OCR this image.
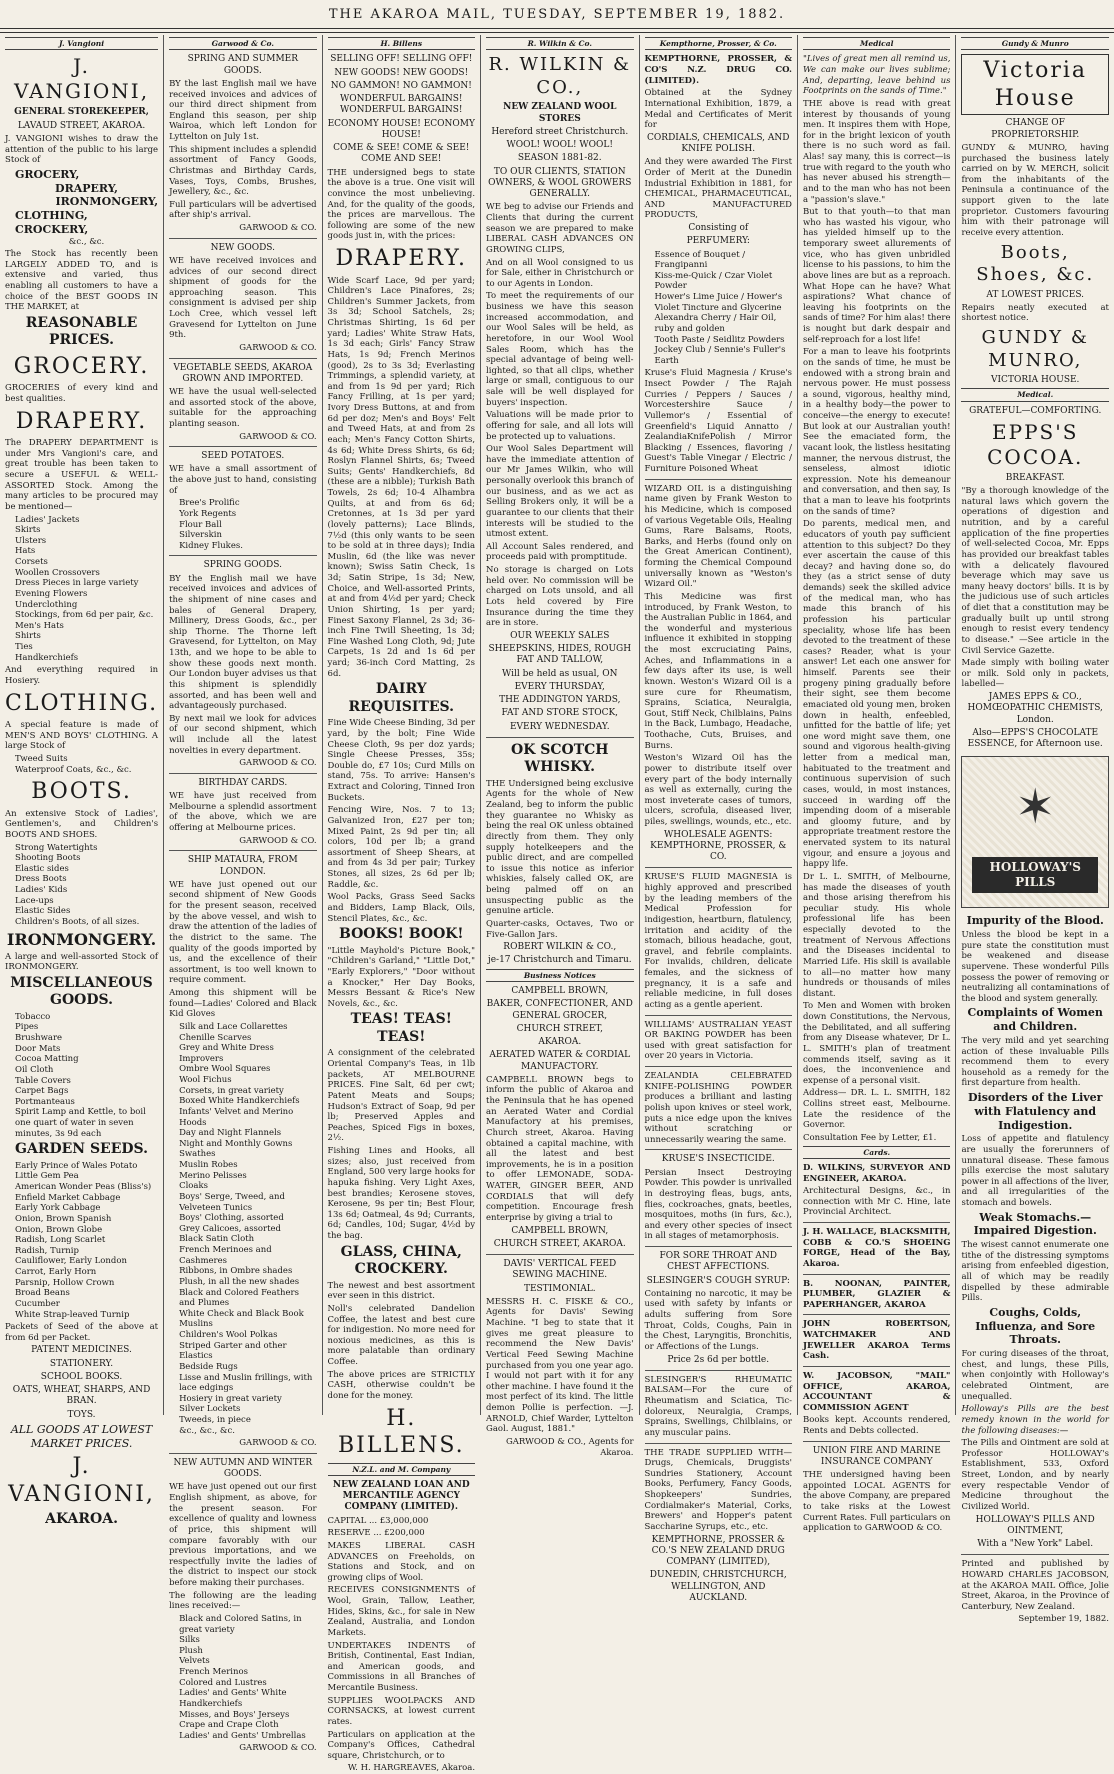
THE AKAROA MAIL, TUESDAY, SEPTEMBER 19, 1882.
J. Vangioni
J. VANGIONI,
GENERAL STOREKEEPER,
LAVAUD STREET, AKAROA.
J. VANGIONI wishes to draw the attention of the public to his large Stock of
GROCERY,
DRAPERY,
IRONMONGERY,
CLOTHING, CROCKERY,
&c., &c.
The Stock has recently been LARGELY ADDED TO, and is extensive and varied, thus enabling all customers to have a choice of the BEST GOODS IN THE MARKET, at
REASONABLE PRICES.
GROCERY.
GROCERIES of every kind and best qualities.
DRAPERY.
The DRAPERY DEPARTMENT is under Mrs Vangioni's care, and great trouble has been taken to secure a USEFUL & WELL-ASSORTED Stock. Among the many articles to be procured may be mentioned—
Ladies' Jackets
Skirts
Ulsters
Hats
Corsets
Woollen Crossovers
Dress Pieces in large variety
Evening Flowers
Underclothing
Stockings, from 6d per pair, &c.
Men's Hats
Shirts
Ties
Handkerchiefs
And everything required in Hosiery.
CLOTHING.
A special feature is made of MEN'S AND BOYS' CLOTHING. A large Stock of
Tweed Suits
Waterproof Coats, &c., &c.
BOOTS.
An extensive Stock of Ladies', Gentlemen's, and Children's BOOTS AND SHOES.
Strong Watertights
Shooting Boots
Elastic sides
Dress Boots
Ladies' Kids
Lace-ups
Elastic Sides
Children's Boots, of all sizes.
IRONMONGERY.
A large and well-assorted Stock of IRONMONGERY.
MISCELLANEOUS GOODS.
Tobacco
Pipes
Brushware
Door Mats
Cocoa Matting
Oil Cloth
Table Covers
Carpet Bags
Portmanteaus
Spirit Lamp and Kettle, to boil one quart of water in seven minutes, 3s 9d each
GARDEN SEEDS.
Early Prince of Wales Potato
Little Gem Pea
American Wonder Peas (Bliss's)
Enfield Market Cabbage
Early York Cabbage
Onion, Brown Spanish
Onion, Brown Globe
Radish, Long Scarlet
Radish, Turnip
Cauliflower, Early London
Carrot, Early Horn
Parsnip, Hollow Crown
Broad Beans
Cucumber
White Strap-leaved Turnip
Packets of Seed of the above at from 6d per Packet.
PATENT MEDICINES.
STATIONERY.
SCHOOL BOOKS.
OATS, WHEAT, SHARPS, AND BRAN.
TOYS.
ALL GOODS AT LOWEST MARKET PRICES.
J. VANGIONI,
AKAROA.
Garwood & Co.
SPRING AND SUMMER GOODS.
BY the last English mail we have received invoices and advices of our third direct shipment from England this season, per ship Wairoa, which left London for Lyttelton on July 1st.
This shipment includes a splendid assortment of Fancy Goods, Christmas and Birthday Cards, Vases, Toys, Combs, Brushes, Jewellery, &c., &c.
Full particulars will be advertised after ship's arrival.
GARWOOD & CO.
NEW GOODS.
WE have received invoices and advices of our second direct shipment of goods for the approaching season. This consignment is advised per ship Loch Cree, which vessel left Gravesend for Lyttelton on June 9th.
GARWOOD & CO.
VEGETABLE SEEDS, AKAROA GROWN AND IMPORTED.
WE have the usual well-selected and assorted stock of the above, suitable for the approaching planting season.
GARWOOD & CO.
SEED POTATOES.
WE have a small assortment of the above just to hand, consisting of
Bree's Prolific
York Regents
Flour Ball
Silverskin
Kidney Flukes.
SPRING GOODS.
BY the English mail we have received invoices and advices of the shipment of nine cases and bales of General Drapery, Millinery, Dress Goods, &c., per ship Thorne. The Thorne left Gravesend, for Lyttelton, on May 13th, and we hope to be able to show these goods next month. Our London buyer advises us that this shipment is splendidly assorted, and has been well and advantageously purchased.
By next mail we look for advices of our second shipment, which will include all the latest novelties in every department.
GARWOOD & CO.
BIRTHDAY CARDS.
WE have just received from Melbourne a splendid assortment of the above, which we are offering at Melbourne prices.
GARWOOD & CO.
SHIP MATAURA, FROM LONDON.
WE have just opened out our second shipment of New Goods for the present season, received by the above vessel, and wish to draw the attention of the ladies of the district to the same. The quality of the goods imported by us, and the excellence of their assortment, is too well known to require comment.
Among this shipment will be found—Ladies' Colored and Black Kid Gloves
Silk and Lace Collarettes
Chenille Scarves
Grey and White Dress Improvers
Ombre Wool Squares
Wool Fichus
Corsets, in great variety
Boxed White Handkerchiefs
Infants' Velvet and Merino Hoods
Day and Night Flannels
Night and Monthly Gowns
Swathes
Muslin Robes
Merino Pelisses
Cloaks
Boys' Serge, Tweed, and Velveteen Tunics
Boys' Clothing, assorted
Grey Calicoes, assorted
Black Satin Cloth
French Merinoes and Cashmeres
Ribbons, in Ombre shades
Plush, in all the new shades
Black and Colored Feathers and Plumes
White Check and Black Book Muslins
Children's Wool Polkas
Striped Garter and other Elastics
Bedside Rugs
Lisse and Muslin frillings, with lace edgings
Hosiery in great variety
Silver Lockets
Tweeds, in piece
&c., &c., &c.
GARWOOD & CO.
NEW AUTUMN AND WINTER GOODS.
WE have just opened out our first English shipment, as above, for the present season. For excellence of quality and lowness of price, this shipment will compare favorably with our previous importations, and we respectfully invite the ladies of the district to inspect our stock before making their purchases.
The following are the leading lines received:—
Black and Colored Satins, in great variety
Silks
Plush
Velvets
French Merinos
Colored and Lustres
Ladies' and Gents' White Handkerchiefs
Misses, and Boys' Jerseys
Crape and Crape Cloth
Ladies' and Gents' Umbrellas
GARWOOD & CO.
H. Billens
SELLING OFF! SELLING OFF!
NEW GOODS! NEW GOODS!
NO GAMMON! NO GAMMON!
WONDERFUL BARGAINS! WONDERFUL BARGAINS!
ECONOMY HOUSE! ECONOMY HOUSE!
COME & SEE! COME & SEE! COME AND SEE!
THE undersigned begs to state the above is a true. One visit will convince the most unbelieving. And, for the quality of the goods, the prices are marvellous. The following are some of the new goods just in, with the prices:
DRAPERY.
Wide Scarf Lace, 9d per yard; Children's Lace Pinafores, 2s; Children's Summer Jackets, from 3s 3d; School Satchels, 2s; Christmas Shirting, 1s 6d per yard; Ladies' White Straw Hats, 1s 3d each; Girls' Fancy Straw Hats, 1s 9d; French Merinos (good), 2s to 3s 3d; Everlasting Trimmings, a splendid variety, at and from 1s 9d per yard; Rich Fancy Frilling, at 1s per yard; Ivory Dress Buttons, at and from 6d per doz; Men's and Boys' Felt and Tweed Hats, at and from 2s each; Men's Fancy Cotton Shirts, 4s 6d; White Dress Shirts, 6s 6d; Roslyn Flannel Shirts, 6s; Tweed Suits; Gents' Handkerchiefs, 8d (these are a nibble); Turkish Bath Towels, 2s 6d; 10-4 Alhambra Quilts, at and from 6s 6d; Cretonnes, at 1s 3d per yard (lovely patterns); Lace Blinds, 7½d (this only wants to be seen to be sold at in three days); India Muslin, 6d (the like was never known); Swiss Satin Check, 1s 3d; Satin Stripe, 1s 3d; New, Choice, and Well-assorted Prints, at and from 4½d per yard; Check Union Shirting, 1s per yard; Finest Saxony Flannel, 2s 3d; 36-inch Fine Twill Sheeting, 1s 3d; Fine Washed Long Cloth, 9d; Jute Carpets, 1s 2d and 1s 6d per yard; 36-inch Cord Matting, 2s 6d.
DAIRY REQUISITES.
Fine Wide Cheese Binding, 3d per yard, by the bolt; Fine Wide Cheese Cloth, 9s per doz yards; Single Cheese Presses, 35s; Double do, £7 10s; Curd Mills on stand, 75s. To arrive: Hansen's Extract and Coloring, Tinned Iron Buckets.
Fencing Wire, Nos. 7 to 13; Galvanized Iron, £27 per ton; Mixed Paint, 2s 9d per tin; all colors, 10d per lb; a grand assortment of Sheep Shears, at and from 4s 3d per pair; Turkey Stones, all sizes, 2s 6d per lb; Raddle, &c.
Wool Packs, Grass Seed Sacks and Bidders, Lamp Black, Oils, Stencil Plates, &c., &c.
BOOKS! BOOK!
"Little Mayhold's Picture Book," "Children's Garland," "Little Dot," "Early Explorers," "Door without a Knocker," Her Day Books, Messrs Bessant & Rice's New Novels, &c., &c.
TEAS! TEAS! TEAS!
A consignment of the celebrated Oriental Company's Teas, in 1lb packets, AT MELBOURNE PRICES. Fine Salt, 6d per cwt; Patent Meats and Soups; Hudson's Extract of Soap, 9d per lb; Preserved Apples and Peaches, Spiced Figs in boxes, 2½.
Fishing Lines and Hooks, all sizes; also, just received from England, 500 very large hooks for hapuka fishing. Very Light Axes, best brandies; Kerosene stoves, Kerosene, 9s per tin; Best Flour, 13s 6d; Oatmeal, 4s 9d; Currants, 6d; Candles, 10d; Sugar, 4½d by the bag.
GLASS, CHINA, CROCKERY.
The newest and best assortment ever seen in this district.
Noll's celebrated Dandelion Coffee, the latest and best cure for indigestion. No more need for noxious medicines, as this is more palatable than ordinary Coffee.
The above prices are STRICTLY CASH, otherwise couldn't be done for the money.
H. BILLENS.
N.Z.L. and M. Company
NEW ZEALAND LOAN AND MERCANTILE AGENCY COMPANY (LIMITED).
CAPITAL ... £3,000,000
RESERVE ... £200,000
MAKES LIBERAL CASH ADVANCES on Freeholds, on Stations and Stock, and on growing clips of Wool.
RECEIVES CONSIGNMENTS of Wool, Grain, Tallow, Leather, Hides, Skins, &c., for sale in New Zealand, Australia, and London Markets.
UNDERTAKES INDENTS of British, Continental, East Indian, and American goods, and Commissions in all Branches of Mercantile Business.
SUPPLIES WOOLPACKS AND CORNSACKS, at lowest current rates.
Particulars on application at the Company's Offices, Cathedral square, Christchurch, or to
W. H. HARGREAVES, Akaroa.
R. Wilkin & Co.
R. WILKIN & CO.,
NEW ZEALAND WOOL STORES
Hereford street Christchurch.
WOOL! WOOL! WOOL!
SEASON 1881-82.
TO OUR CLIENTS, STATION OWNERS, & WOOL GROWERS GENERALLY.
WE beg to advise our Friends and Clients that during the current season we are prepared to make LIBERAL CASH ADVANCES ON GROWING CLIPS,
And on all Wool consigned to us for Sale, either in Christchurch or to our Agents in London.
To meet the requirements of our business we have this season increased accommodation, and our Wool Sales will be held, as heretofore, in our Wool Wool Sales Room, which has the special advantage of being well-lighted, so that all clips, whether large or small, contiguous to our sale will be well displayed for buyers' inspection.
Valuations will be made prior to offering for sale, and all lots will be protected up to valuations.
Our Wool Sales Department will have the immediate attention of our Mr James Wilkin, who will personally overlook this branch of our business, and as we act as Selling Brokers only, it will be a guarantee to our clients that their interests will be studied to the utmost extent.
All Account Sales rendered, and proceeds paid with promptitude.
No storage is charged on Lots held over. No commission will be charged on Lots unsold, and all Lots held covered by Fire Insurance during the time they are in store.
OUR WEEKLY SALES
SHEEPSKINS, HIDES, ROUGH FAT AND TALLOW,
Will be held as usual, ON
EVERY THURSDAY,
THE ADDINGTON YARDS,
FAT AND STORE STOCK,
EVERY WEDNESDAY.
OK SCOTCH WHISKY.
THE Undersigned being exclusive Agents for the whole of New Zealand, beg to inform the public they guarantee no Whisky as being the real OK unless obtained directly from them. They only supply hotelkeepers and the public direct, and are compelled to issue this notice as inferior whiskies, falsely called OK, are being palmed off on an unsuspecting public as the genuine article.
Quarter-casks, Octaves, Two or Five-Gallon Jars.
ROBERT WILKIN & CO.,
je-17 Christchurch and Timaru.
Business Notices
CAMPBELL BROWN,
BAKER, CONFECTIONER, AND GENERAL GROCER,
CHURCH STREET,
AKAROA.
AERATED WATER & CORDIAL MANUFACTORY.
CAMPBELL BROWN begs to inform the public of Akaroa and the Peninsula that he has opened an Aerated Water and Cordial Manufactory at his premises, Church street, Akaroa. Having obtained a capital machine, with all the latest and best improvements, he is in a position to offer LEMONADE, SODA-WATER, GINGER BEER, AND CORDIALS that will defy competition. Encourage fresh enterprise by giving a trial to
CAMPBELL BROWN,
CHURCH STREET, AKAROA.
DAVIS' VERTICAL FEED SEWING MACHINE.
TESTIMONIAL.
MESSRS H. C. FISKE & CO., Agents for Davis' Sewing Machine. "I beg to state that it gives me great pleasure to recommend the New Davis' Vertical Feed Sewing Machine purchased from you one year ago. I would not part with it for any other machine. I have found it the most perfect of its kind. The little demon Pollie is perfection. —J. ARNOLD, Chief Warder, Lyttelton Gaol. August, 1881."
GARWOOD & CO., Agents for Akaroa.
Kempthorne, Prosser, & Co.
KEMPTHORNE, PROSSER, & CO'S N.Z. DRUG CO. (LIMITED).
Obtained at the Sydney International Exhibition, 1879, a Medal and Certificates of Merit for
CORDIALS, CHEMICALS, AND KNIFE POLISH.
And they were awarded The First Order of Merit at the Dunedin Industrial Exhibition in 1881, for CHEMICAL, PHARMACEUTICAL, AND MANUFACTURED PRODUCTS,
Consisting of
PERFUMERY:
Essence of Bouquet / Frangipanni
Kiss-me-Quick / Czar Violet Powder
Hower's Lime Juice / Hower's Violet Tincture and Glycerine
Alexandra Cherry / Hair Oil, ruby and golden
Tooth Paste / Seidlitz Powders
Jockey Club / Sennie's Fuller's Earth
Kruse's Fluid Magnesia / Kruse's Insect Powder / The Rajah Curries / Peppers / Sauces / Worcestershire Sauce / Vullemor's / Essential of Greenfield's Liquid Annatto / ZealandiaKnifePolish / Mirror Blacking / Essences, flavoring / Guest's Table Vinegar / Electric / Furniture Poisoned Wheat
WIZARD OIL is a distinguishing name given by Frank Weston to his Medicine, which is composed of various Vegetable Oils, Healing Gums, Rare Balsams, Roots, Barks, and Herbs (found only on the Great American Continent), forming the Chemical Compound universally known as "Weston's Wizard Oil."
This Medicine was first introduced, by Frank Weston, to the Australian Public in 1864, and the wonderful and mysterious influence it exhibited in stopping the most excruciating Pains, Aches, and Inflammations in a few days after its use, is well known. Weston's Wizard Oil is a sure cure for Rheumatism, Sprains, Sciatica, Neuralgia, Gout, Stiff Neck, Chilblains, Pains in the Back, Lumbago, Headache, Toothache, Cuts, Bruises, and Burns.
Weston's Wizard Oil has the power to distribute itself over every part of the body internally as well as externally, curing the most inveterate cases of tumors, ulcers, scrofula, diseased liver, piles, swellings, wounds, etc., etc.
WHOLESALE AGENTS: KEMPTHORNE, PROSSER, & CO.
KRUSE'S FLUID MAGNESIA is highly approved and prescribed by the leading members of the Medical Profession for indigestion, heartburn, flatulency, irritation and acidity of the stomach, bilious headache, gout, gravel, and febrile complaints. For invalids, children, delicate females, and the sickness of pregnancy, it is a safe and reliable medicine, in full doses acting as a gentle aperient.
WILLIAMS' AUSTRALIAN YEAST OR BAKING POWDER has been used with great satisfaction for over 20 years in Victoria.
ZEALANDIA CELEBRATED KNIFE-POLISHING POWDER produces a brilliant and lasting polish upon knives or steel work, puts a nice edge upon the knives without scratching or unnecessarily wearing the same.
KRUSE'S INSECTICIDE.
Persian Insect Destroying Powder. This powder is unrivalled in destroying fleas, bugs, ants, flies, cockroaches, gnats, beetles, mosquitoes, moths (in furs, &c.), and every other species of insect in all stages of metamorphosis.
FOR SORE THROAT AND CHEST AFFECTIONS.
SLESINGER'S COUGH SYRUP:
Containing no narcotic, it may be used with safety by infants or adults suffering from Sore Throat, Colds, Coughs, Pain in the Chest, Laryngitis, Bronchitis, or Affections of the Lungs.
Price 2s 6d per bottle.
SLESINGER'S RHEUMATIC BALSAM—For the cure of Rheumatism and Sciatica, Tic-doloreux, Neuralgia, Cramps, Sprains, Swellings, Chilblains, or any muscular pains.
THE TRADE SUPPLIED WITH— Drugs, Chemicals, Druggists' Sundries Stationery, Account Books, Perfumery, Fancy Goods, Shopkeepers' Sundries, Cordialmaker's Material, Corks, Brewers' and Hopper's patent Saccharine Syrups, etc., etc.
KEMPTHORNE, PROSSER & CO.'S NEW ZEALAND DRUG COMPANY (LIMITED),
DUNEDIN, CHRISTCHURCH, WELLINGTON, AND AUCKLAND.
Medical
"Lives of great men all remind us, We can make our lives sublime; And, departing, leave behind us Footprints on the sands of Time."
THE above is read with great interest by thousands of young men. It inspires them with Hope, for in the bright lexicon of youth there is no such word as fail. Alas! say many, this is correct—is true with regard to the youth who has never abused his strength—and to the man who has not been a "passion's slave."
But to that youth—to that man who has wasted his vigour, who has yielded himself up to the temporary sweet allurements of vice, who has given unbridled license to his passions, to him the above lines are but as a reproach. What Hope can he have? What aspirations? What chance of leaving his footprints on the sands of time? For him alas! there is nought but dark despair and self-reproach for a lost life!
For a man to leave his footprints on the sands of time, he must be endowed with a strong brain and nervous power. He must possess a sound, vigorous, healthy mind, in a healthy body—the power to conceive—the energy to execute! But look at our Australian youth! See the emaciated form, the vacant look, the listless hesitating manner, the nervous distrust, the senseless, almost idiotic expression. Note his demeanour and conversation, and then say, Is that a man to leave his footprints on the sands of time?
Do parents, medical men, and educators of youth pay sufficient attention to this subject? Do they ever ascertain the cause of this decay? and having done so, do they (as a strict sense of duty demands) seek the skilled advice of the medical man, who has made this branch of his profession his particular speciality, whose life has been devoted to the treatment of these cases? Reader, what is your answer! Let each one answer for himself. Parents see their progeny pining gradually before their sight, see them become emaciated old young men, broken down in health, enfeebled, unfitted for the battle of life; yet one word might save them, one sound and vigorous health-giving letter from a medical man, habituated to the treatment and continuous supervision of such cases, would, in most instances, succeed in warding off the impending doom of a miserable and gloomy future, and by appropriate treatment restore the enervated system to its natural vigour, and ensure a joyous and happy life.
Dr L. L. SMITH, of Melbourne, has made the diseases of youth and those arising therefrom his peculiar study. His whole professional life has been especially devoted to the treatment of Nervous Affections and the Diseases incidental to Married Life. His skill is available to all—no matter how many hundreds or thousands of miles distant.
To Men and Women with broken down Constitutions, the Nervous, the Debilitated, and all suffering from any Disease whatever, Dr L. L. SMITH's plan of treatment commends itself, saving as it does, the inconvenience and expense of a personal visit.
Address— DR. L. L. SMITH, 182 Collins street east, Melbourne. Late the residence of the Governor.
Consultation Fee by Letter, £1.
Cards.
D. WILKINS, SURVEYOR AND ENGINEER, AKAROA.
Architectural Designs, &c., in connection with Mr C. Hine, late Provincial Architect.
J. H. WALLACE, BLACKSMITH, COBB & CO.'S SHOEING FORGE, Head of the Bay, Akaroa.
B. NOONAN, PAINTER, PLUMBER, GLAZIER & PAPERHANGER, AKAROA
JOHN ROBERTSON, WATCHMAKER AND JEWELLER AKAROA Terms Cash.
W. JACOBSON, "MAIL" OFFICE, AKAROA, ACCOUNTANT & COMMISSION AGENT
Books kept. Accounts rendered, Rents and Debts collected.
UNION FIRE AND MARINE INSURANCE COMPANY
THE undersigned having been appointed LOCAL AGENTS for the above Company, are prepared to take risks at the Lowest Current Rates. Full particulars on application to GARWOOD & CO.
Gundy & Munro
Victoria House
CHANGE OF PROPRIETORSHIP.
GUNDY & MUNRO, having purchased the business lately carried on by W. MERCH, solicit from the inhabitants of the Peninsula a continuance of the support given to the late proprietor. Customers favouring him with their patronage will receive every attention.
Boots, Shoes, &c.
AT LOWEST PRICES.
Repairs neatly executed at shortest notice.
GUNDY & MUNRO,
VICTORIA HOUSE.
Medical.
GRATEFUL—COMFORTING.
EPPS'S COCOA.
BREAKFAST.
"By a thorough knowledge of the natural laws which govern the operations of digestion and nutrition, and by a careful application of the fine properties of well-selected Cocoa, Mr. Epps has provided our breakfast tables with a delicately flavoured beverage which may save us many heavy doctors' bills. It is by the judicious use of such articles of diet that a constitution may be gradually built up until strong enough to resist every tendency to disease." —See article in the Civil Service Gazette.
Made simply with boiling water or milk. Sold only in packets, labelled—
JAMES EPPS & CO., HOMŒOPATHIC CHEMISTS, London.
Also—EPPS'S CHOCOLATE ESSENCE, for Afternoon use.
✶
HOLLOWAY'S PILLS
Impurity of the Blood.
Unless the blood be kept in a pure state the constitution must be weakened and disease supervene. These wonderful Pills possess the power of removing or neutralizing all contaminations of the blood and system generally.
Complaints of Women and Children.
The very mild and yet searching action of these invaluable Pills recommend them to every household as a remedy for the first departure from health.
Disorders of the Liver with Flatulency and Indigestion.
Loss of appetite and flatulency are usually the forerunners of unnatural disease. These famous pills exercise the most salutary power in all affections of the liver, and all irregularities of the stomach and bowels.
Weak Stomachs.—Impaired Digestion.
The wisest cannot enumerate one tithe of the distressing symptoms arising from enfeebled digestion, all of which may be readily dispelled by these admirable Pills.
Coughs, Colds, Influenza, and Sore Throats.
For curing diseases of the throat, chest, and lungs, these Pills, when conjointly with Holloway's celebrated Ointment, are unequalled.
Holloway's Pills are the best remedy known in the world for the following diseases:—
The Pills and Ointment are sold at Professor HOLLOWAY's Establishment, 533, Oxford Street, London, and by nearly every respectable Vendor of Medicine throughout the Civilized World.
HOLLOWAY'S PILLS AND OINTMENT,
With a "New York" Label.
Printed and published by HOWARD CHARLES JACOBSON, at the AKAROA MAIL Office, Jolie Street, Akaroa, in the Province of Canterbury, New Zealand.
September 19, 1882.
